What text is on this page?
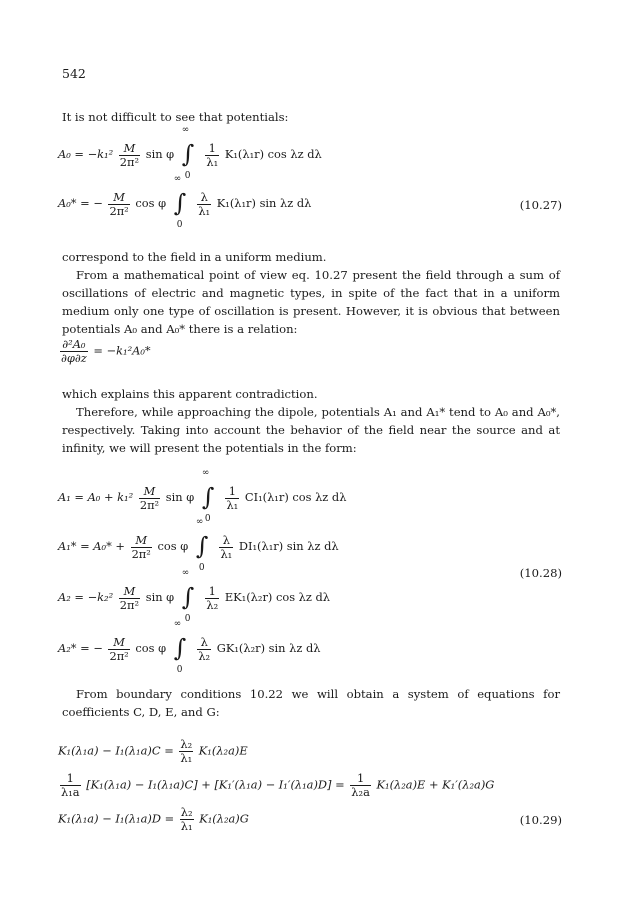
542
It is not difficult to see that potentials:
$A_0 = -k_1^2 \frac{M}{\text{2π²}}$ sin φ
∞
∫
0

$\frac{1}{\text{λ₁}} K_1(\lambda_1r)$ cos λz dλ
A₀* = − $\frac{M}{\text{2π²}}$ cos φ
∞
∫
0

$\frac{\lambda}{\text{λ₁}} K_1(\lambda_1r)$ sin λz dλ	(10.27)
correspond to the field in a uniform medium.
From a mathematical point of view eq. 10.27 present the field through a sum of oscillations of electric and magnetic types, in spite of the fact that in a uniform medium only one type of oscillation is present. However, it is obvious that between potentials A₀ and A₀* there is a relation:
$\frac{\text{∂²A₀}}{\partial\varphi\partial z} = -k_1^2A_0*$
which explains this apparent contradiction.
Therefore, while approaching the dipole, potentials A₁ and A₁* tend to A₀ and A₀*, respectively. Taking into account the behavior of the field near the source and at infinity, we will present the potentials in the form:
$A_1 = A_0 + k_1^2 \frac{M}{\text{2π²}}$ sin φ
∞
∫
0

$\frac{1}{\text{λ₁}} CI_1(\lambda_1r)$ cos λz dλ
$A_1* = A_0* + \frac{M}{\text{2π²}}$ cos φ
∞
∫
0

$\frac{\lambda}{\text{λ₁}} DI_1(\lambda_1r)$ sin λz dλ
$A_2 = -k_2^2 \frac{M}{\text{2π²}}$ sin φ
∞
∫
0

$\frac{1}{\text{λ₂}} EK_1(\lambda_2r)$ cos λz dλ
A₂* = − $\frac{M}{\text{2π²}}$ cos φ
∞
∫
0

$\frac{\lambda}{\text{λ₂}} GK_1(\lambda_2r)$ sin λz dλ
(10.28)
From boundary conditions 10.22 we will obtain a system of equations for coefficients C, D, E, and G:
$K_1(\lambda_1a) - I_1(\lambda_1a)C = \frac{\text{λ₂}}{\text{λ₁}} K_1(\lambda_2a)E$
$\frac{1}{\text{λ₁a}} [K_1(\lambda_1a) - I_1(\lambda_1a)C] + [K_1'(\lambda_1a) - I_1'(\lambda_1a)D] = \frac{1}{\text{λ₂a}} K_1(\lambda_2a)E + K_1'(\lambda_2a)G$
$K_1(\lambda_1a) - I_1(\lambda_1a)D = \frac{\text{λ₂}}{\text{λ₁}} K_1(\lambda_2a)G$	(10.29)
